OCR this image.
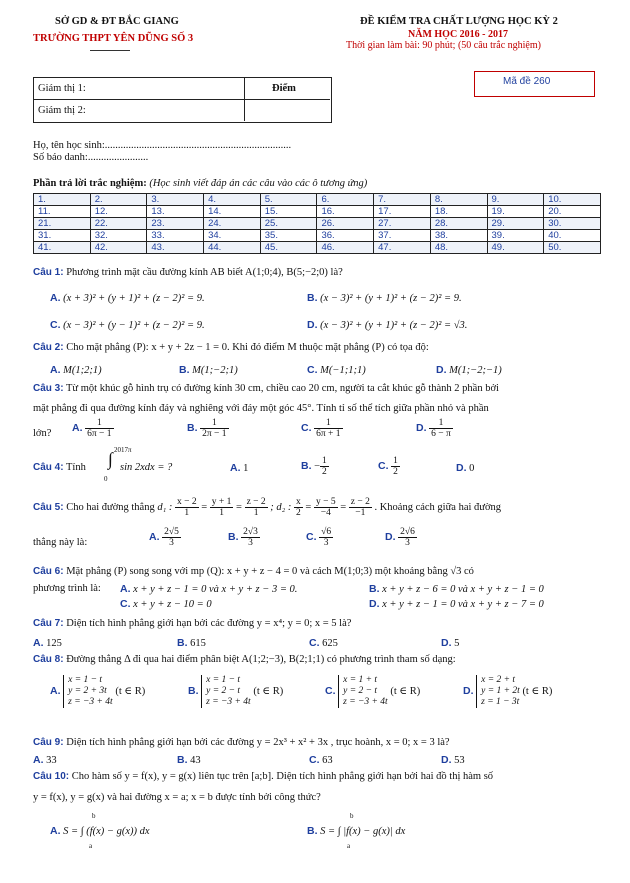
SỞ GD & ĐT BẮC GIANG
TRƯỜNG THPT YÊN DŨNG SỐ 3
ĐỀ KIỂM TRA CHẤT LƯỢNG HỌC KỲ 2
NĂM HỌC 2016 - 2017
Thời gian làm bài: 90 phút; (50 câu trắc nghiệm)
Giám thị 1:
Giám thị 2:
Điểm
Mã đề 260
Họ, tên học sinh:.......................................................................
Số báo danh:.......................
Phần trả lời trắc nghiệm: (Học sinh viết đáp án các câu vào các ô tương ứng)
1.	2.	3.	4.	5.	6.	7.	8.	9.	10.
11.	12.	13.	14.	15.	16.	17.	18.	19.	20.
21.	22.	23.	24.	25.	26.	27.	28.	29.	30.
31.	32.	33.	34.	35.	36.	37.	38.	39.	40.
41.	42.	43.	44.	45.	46.	47.	48.	49.	50.
Câu 1: Phương trình mặt cầu đường kính AB biết A(1;0;4), B(5;−2;0) là?
A. (x + 3)² + (y + 1)² + (z − 2)² = 9.	B. (x − 3)² + (y + 1)² + (z − 2)² = 9.
C. (x − 3)² + (y − 1)² + (z − 2)² = 9.	D. (x − 3)² + (y + 1)² + (z − 2)² = √3.
Câu 2: Cho mặt phẳng (P): x + y + 2z − 1 = 0. Khi đó điểm M thuộc mặt phẳng (P) có tọa độ:
A. M(1;2;1)	B. M(1;−2;1)	C. M(−1;1;1)	D. M(1;−2;−1)
Câu 3: Từ một khúc gỗ hình trụ có đường kính 30 cm, chiều cao 20 cm, người ta cắt khúc gỗ thành 2 phần bởi
mặt phẳng đi qua đường kính đáy và nghiêng với đáy một góc 45°. Tính tỉ số thể tích giữa phần nhỏ và phần
lớn? A. $\frac{1}{6\pi - 1}$	B. $\frac{1}{2\pi - 1}$	C. $\frac{1}{6\pi + 1}$	D. $\frac{1}{6 - \pi}$
Câu 4: Tính ∫ 2017π
0
sin 2xdx = ?	A. 1	B. − $\frac{1}{2}$	C. $\frac{1}{2}$	D. 0
Câu 5: Cho hai đường thẳng d₁ : $\frac{x - 2}{1} = \frac{y + 1}{1} = \frac{z - 2}{1}$ ; d₂ : $\frac{x}{2} = \frac{y - 5}{-4} = \frac{z - 2}{-1}$ . Khoảng cách giữa hai đường
thẳng này là:	A. $\frac{2√5}{3}$	B. $\frac{2√3}{3}$	C. $\frac{√6}{3}$	D. $\frac{2√6}{3}$
Câu 6: Mặt phẳng (P) song song với mp (Q): x + y + z − 4 = 0 và cách M(1;0;3) một khoảng bằng √3 có
phương trình là: A. x + y + z − 1 = 0 và x + y + z − 3 = 0.	B. x + y + z − 6 = 0 và x + y + z − 1 = 0
C. x + y + z − 10 = 0	D. x + y + z − 1 = 0 và x + y + z − 7 = 0
Câu 7: Diện tích hình phẳng giới hạn bởi các đường y = x⁴; y = 0; x = 5 là?
A. 125	B. 615	C. 625	D. 5
Câu 8: Đường thẳng Δ đi qua hai điểm phân biệt A(1;2;−3), B(2;1;1) có phương trình tham số dạng:
A.
x = 1 − t
y = 2 + 3t
z = −3 + 4t
(t ∈ R)	B.
x = 1 − t
y = 2 − t
z = −3 + 4t
(t ∈ R)	C.
x = 1 + t
y = 2 − t
z = −3 + 4t
(t ∈ R)	D.
x = 2 + t
y = 1 + 2t
z = 1 − 3t
(t ∈ R)
Câu 9: Diện tích hình phẳng giới hạn bởi các đường y = 2x³ + x² + 3x , trục hoành, x = 0; x = 3 là?
A. 33	B. 43	C. 63	D. 53
Câu 10: Cho hàm số y = f(x), y = g(x) liên tục trên [a;b]. Diện tích hình phẳng giới hạn bởi hai đồ thị hàm số
y = f(x), y = g(x) và hai đường x = a; x = b được tính bởi công thức?
A. S = ∫ (f(x) − g(x)) dx	B. S = ∫ |f(x) − g(x)| dx
b
a
b
a
